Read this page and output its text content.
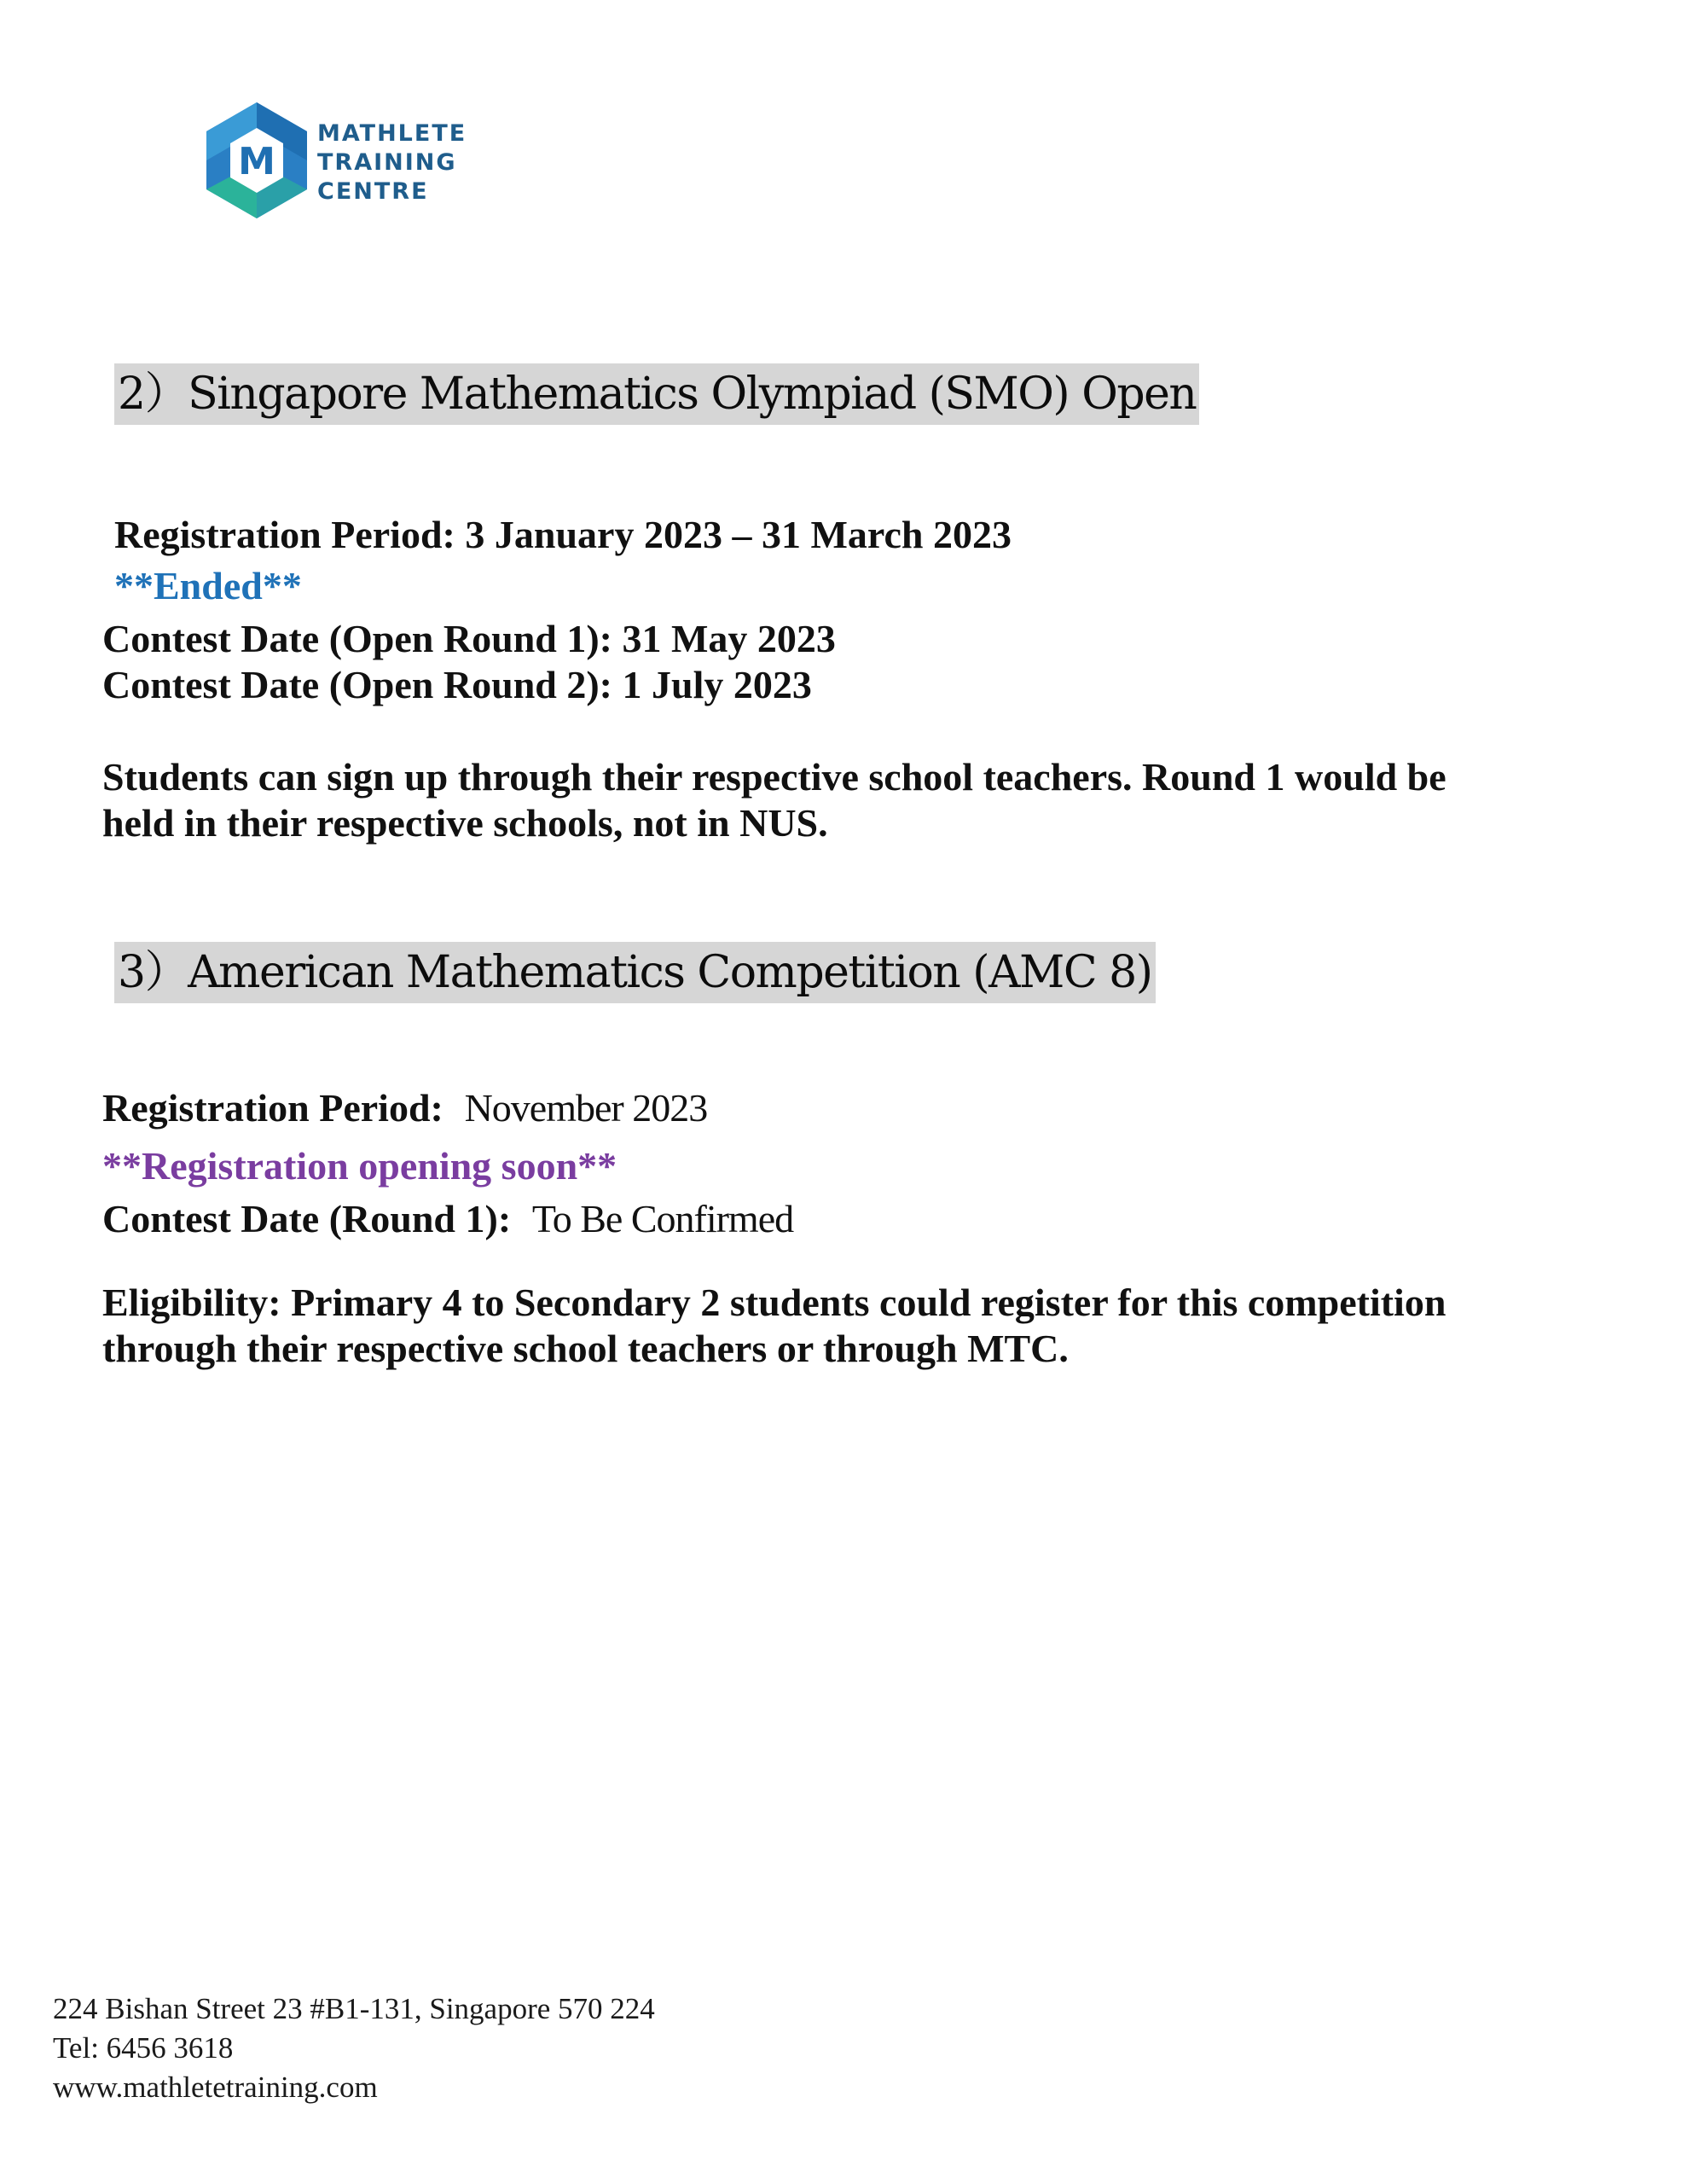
M
MATHLETE
TRAINING
CENTRE
2）Singapore Mathematics Olympiad (SMO) Open
Registration Period: 3 January 2023 – 31 March 2023
**Ended**
Contest Date (Open Round 1): 31 May 2023
Contest Date (Open Round 2): 1 July 2023
Students can sign up through their respective school teachers. Round 1 would be
held in their respective schools, not in NUS.
3）American Mathematics Competition (AMC 8)
Registration Period: November 2023
**Registration opening soon**
Contest Date (Round 1): To Be Confirmed
Eligibility: Primary 4 to Secondary 2 students could register for this competition
through their respective school teachers or through MTC.
224 Bishan Street 23 #B1-131, Singapore 570 224
Tel: 6456 3618
www.mathletetraining.com
